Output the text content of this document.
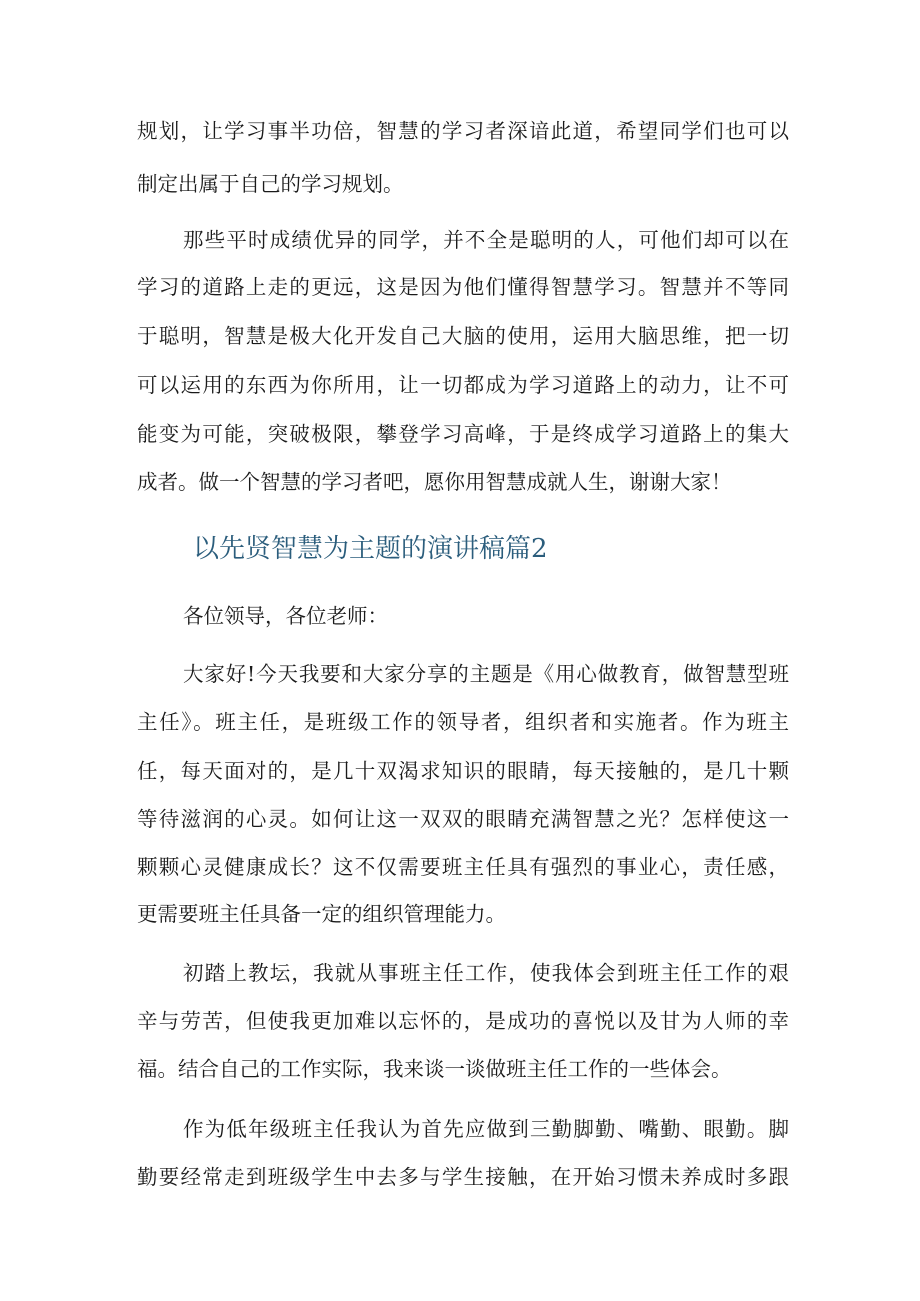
规划，让学习事半功倍，智慧的学习者深谙此道，希望同学们也可以
制定出属于自己的学习规划。
那些平时成绩优异的同学，并不全是聪明的人，可他们却可以在
学习的道路上走的更远，这是因为他们懂得智慧学习。智慧并不等同
于聪明，智慧是极大化开发自己大脑的使用，运用大脑思维，把一切
可以运用的东西为你所用，让一切都成为学习道路上的动力，让不可
能变为可能，突破极限，攀登学习高峰，于是终成学习道路上的集大
成者。做一个智慧的学习者吧，愿你用智慧成就人生，谢谢大家！
以先贤智慧为主题的演讲稿篇2
各位领导，各位老师：
大家好!今天我要和大家分享的主题是《用心做教育，做智慧型班
主任》。班主任，是班级工作的领导者，组织者和实施者。作为班主
任，每天面对的，是几十双渴求知识的眼睛，每天接触的，是几十颗
等待滋润的心灵。如何让这一双双的眼睛充满智慧之光？怎样使这一
颗颗心灵健康成长？这不仅需要班主任具有强烈的事业心，责任感，
更需要班主任具备一定的组织管理能力。
初踏上教坛，我就从事班主任工作，使我体会到班主任工作的艰
辛与劳苦，但使我更加难以忘怀的，是成功的喜悦以及甘为人师的幸
福。结合自己的工作实际，我来谈一谈做班主任工作的一些体会。
作为低年级班主任我认为首先应做到三勤脚勤、嘴勤、眼勤。脚
勤要经常走到班级学生中去多与学生接触，在开始习惯未养成时多跟
